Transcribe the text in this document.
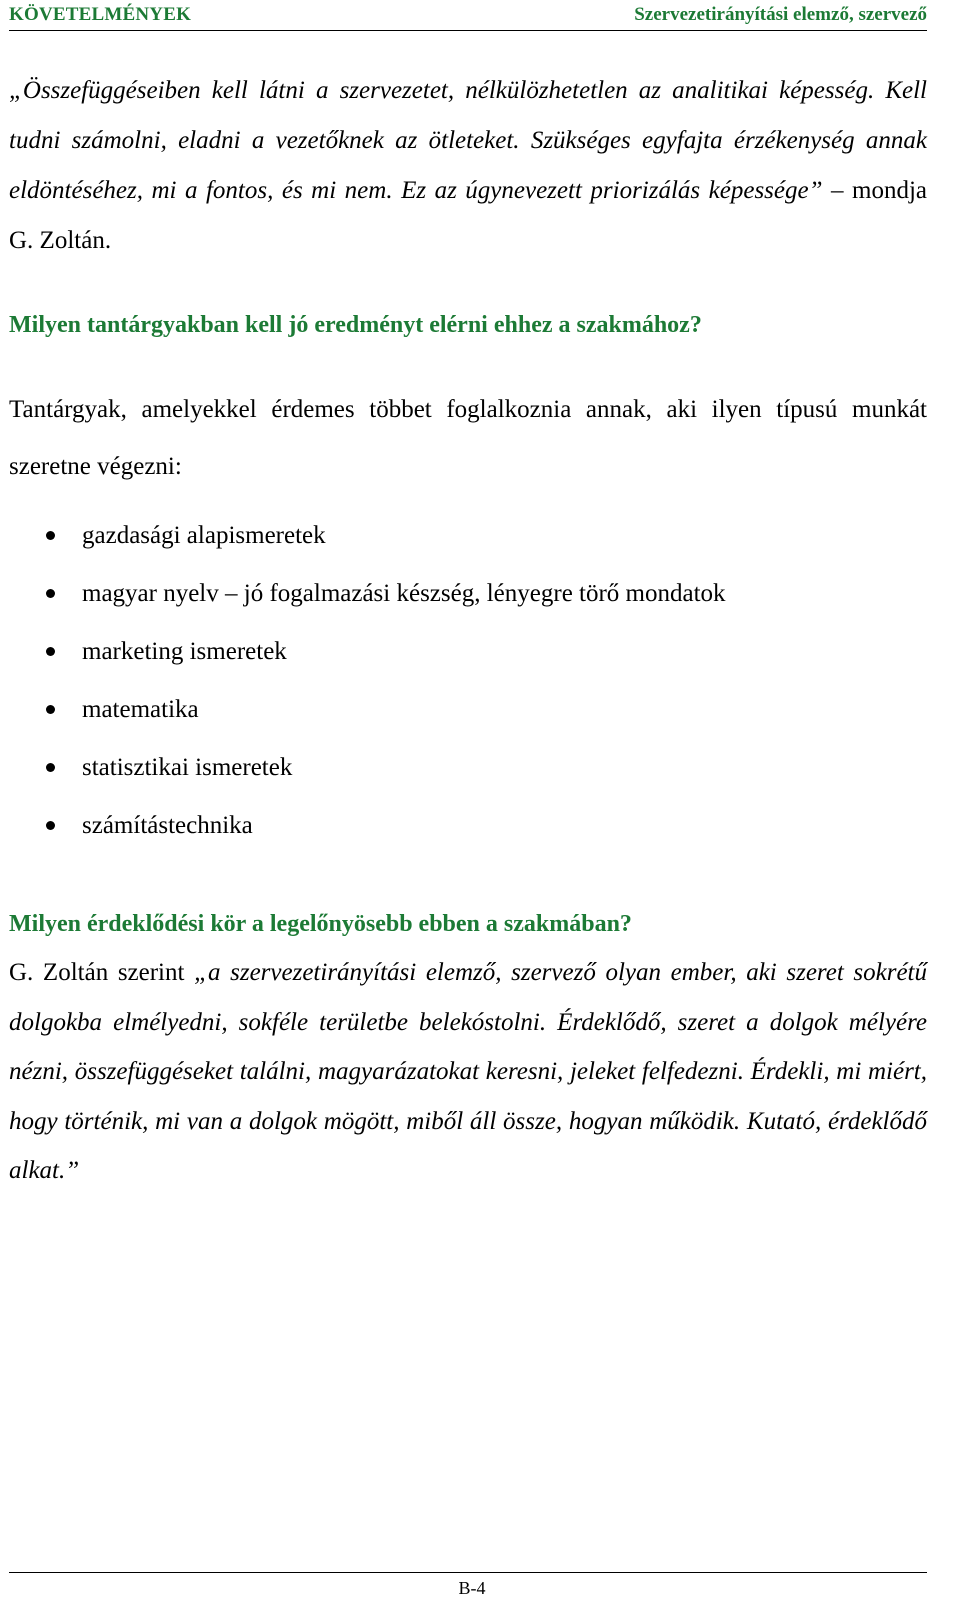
KÖVETELMÉNYEK	Szervezetirányítási elemző, szervező

„Összefüggéseiben kell látni a szervezetet, nélkülözhetetlen az analitikai képesség. Kell tudni számolni, eladni a vezetőknek az ötleteket. Szükséges egyfajta érzékenység annak eldöntéséhez, mi a fontos, és mi nem. Ez az úgynevezett priorizálás képessége” – mondja G. Zoltán.

Milyen tantárgyakban kell jó eredményt elérni ehhez a szakmához?

Tantárgyak, amelyekkel érdemes többet foglalkoznia annak, aki ilyen típusú munkát szeretne végezni:

gazdasági alapismeretek
magyar nyelv – jó fogalmazási készség, lényegre törő mondatok
marketing ismeretek
matematika
statisztikai ismeretek
számítástechnika

Milyen érdeklődési kör a legelőnyösebb ebben a szakmában?

G. Zoltán szerint „a szervezetirányítási elemző, szervező olyan ember, aki szeret sokrétű dolgokba elmélyedni, sokféle területbe belekóstolni. Érdeklődő, szeret a dolgok mélyére nézni, összefüggéseket találni, magyarázatokat keresni, jeleket felfedezni. Érdekli, mi miért, hogy történik, mi van a dolgok mögött, miből áll össze, hogyan működik. Kutató, érdeklődő alkat.”

B-4
